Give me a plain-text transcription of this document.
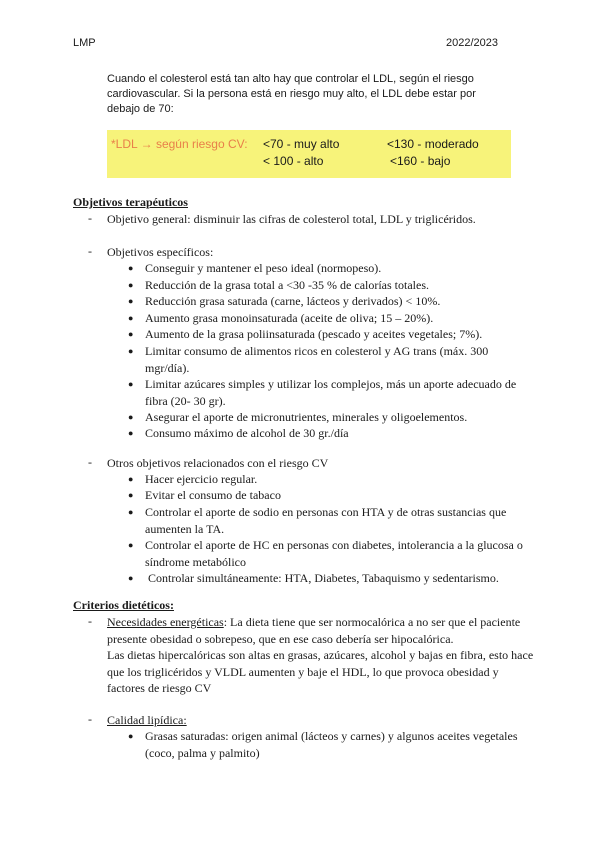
LMP	2022/2023
Cuando el colesterol está tan alto hay que controlar el LDL, según el riesgo cardiovascular. Si la persona está en riesgo muy alto, el LDL debe estar por debajo de 70:
*LDL → según riesgo CV: <70 - muy alto	<130 - moderado
< 100 - alto	<160 - bajo
Objetivos terapéuticos
- Objetivo general: disminuir las cifras de colesterol total, LDL y triglicéridos.
- Objetivos específicos:
● Conseguir y mantener el peso ideal (normopeso).
● Reducción de la grasa total a <30 -35 % de calorías totales.
● Reducción grasa saturada (carne, lácteos y derivados) < 10%.
● Aumento grasa monoinsaturada (aceite de oliva; 15 – 20%).
● Aumento de la grasa poliinsaturada (pescado y aceites vegetales; 7%).
● Limitar consumo de alimentos ricos en colesterol y AG trans (máx. 300 mgr/día).
● Limitar azúcares simples y utilizar los complejos, más un aporte adecuado de fibra (20- 30 gr).
● Asegurar el aporte de micronutrientes, minerales y oligoelementos.
● Consumo máximo de alcohol de 30 gr./día
- Otros objetivos relacionados con el riesgo CV
● Hacer ejercicio regular.
● Evitar el consumo de tabaco
● Controlar el aporte de sodio en personas con HTA y de otras sustancias que aumenten la TA.
● Controlar el aporte de HC en personas con diabetes, intolerancia a la glucosa o síndrome metabólico
● Controlar simultáneamente: HTA, Diabetes, Tabaquismo y sedentarismo.
Criterios dietéticos:
- Necesidades energéticas: La dieta tiene que ser normocalórica a no ser que el paciente presente obesidad o sobrepeso, que en ese caso debería ser hipocalórica.
Las dietas hipercalóricas son altas en grasas, azúcares, alcohol y bajas en fibra, esto hace que los triglicéridos y VLDL aumenten y baje el HDL, lo que provoca obesidad y factores de riesgo CV
- Calidad lipídica:
● Grasas saturadas: origen animal (lácteos y carnes) y algunos aceites vegetales (coco, palma y palmito)
